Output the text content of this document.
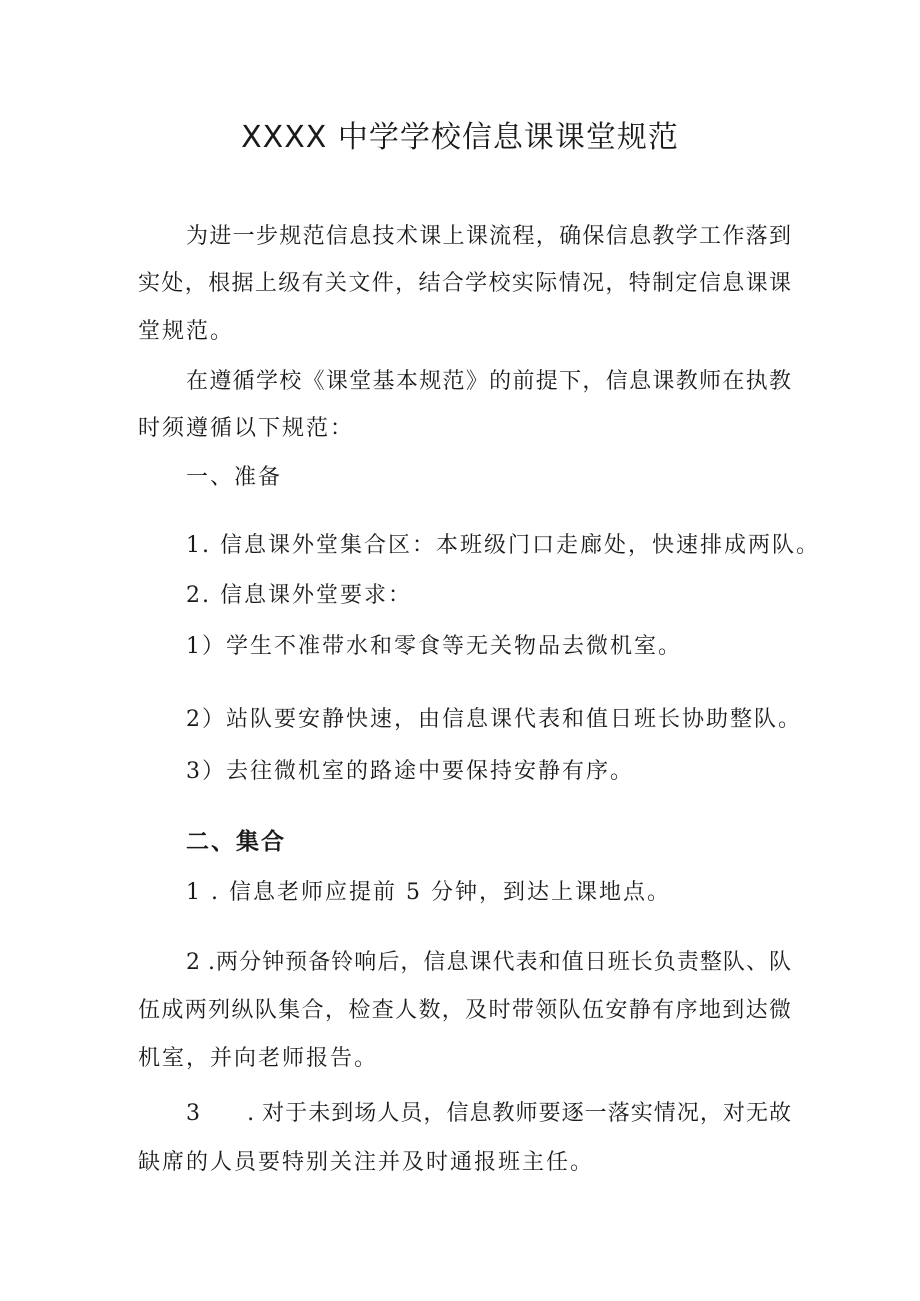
XXXX 中学学校信息课课堂规范
为进一步规范信息技术课上课流程，确保信息教学工作落到
实处，根据上级有关文件，结合学校实际情况，特制定信息课课
堂规范。
在遵循学校《课堂基本规范》的前提下，信息课教师在执教
时须遵循以下规范：
一、准备
1. 信息课外堂集合区：本班级门口走廊处，快速排成两队。
2. 信息课外堂要求：
1）学生不准带水和零食等无关物品去微机室。
2）站队要安静快速，由信息课代表和值日班长协助整队。
3）去往微机室的路途中要保持安静有序。
二、集合
1 . 信息老师应提前 5 分钟，到达上课地点。
2 .两分钟预备铃响后，信息课代表和值日班长负责整队、队
伍成两列纵队集合，检查人数，及时带领队伍安静有序地到达微
机室，并向老师报告。
3　　. 对于未到场人员，信息教师要逐一落实情况，对无故
缺席的人员要特别关注并及时通报班主任。
